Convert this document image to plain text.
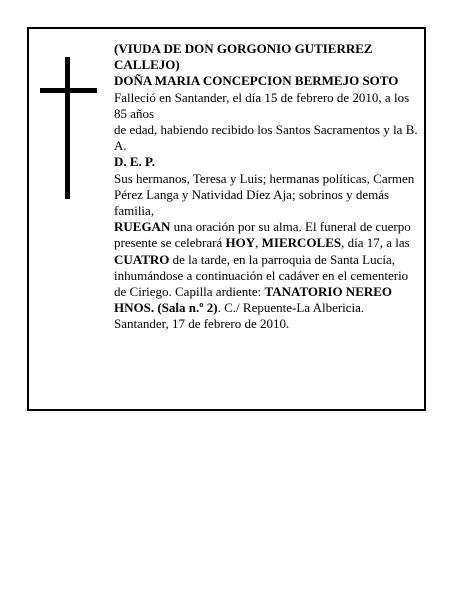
(VIUDA DE DON GORGONIO GUTIERREZ CALLEJO)

DOÑA MARIA CONCEPCION BERMEJO SOTO

Falleció en Santander, el día 15 de febrero de 2010, a los 85 años

de edad, habiendo recibido los Santos Sacramentos y la B. A.

D. E. P.

Sus hermanos, Teresa y Luis; hermanas políticas, Carmen Pérez Langa y Natividad Díez Aja; sobrinos y demás familia,

RUEGAN una oración por su alma. El funeral de cuerpo presente se celebrará HOY, MIERCOLES, día 17, a las CUATRO de la tarde, en la parroquia de Santa Lucía, inhumándose a continuación el cadáver en el cementerio de Ciriego. Capilla ardiente: TANATORIO NEREO HNOS. (Sala n.º 2). C./ Repuente-La Albericia.

Santander, 17 de febrero de 2010.
